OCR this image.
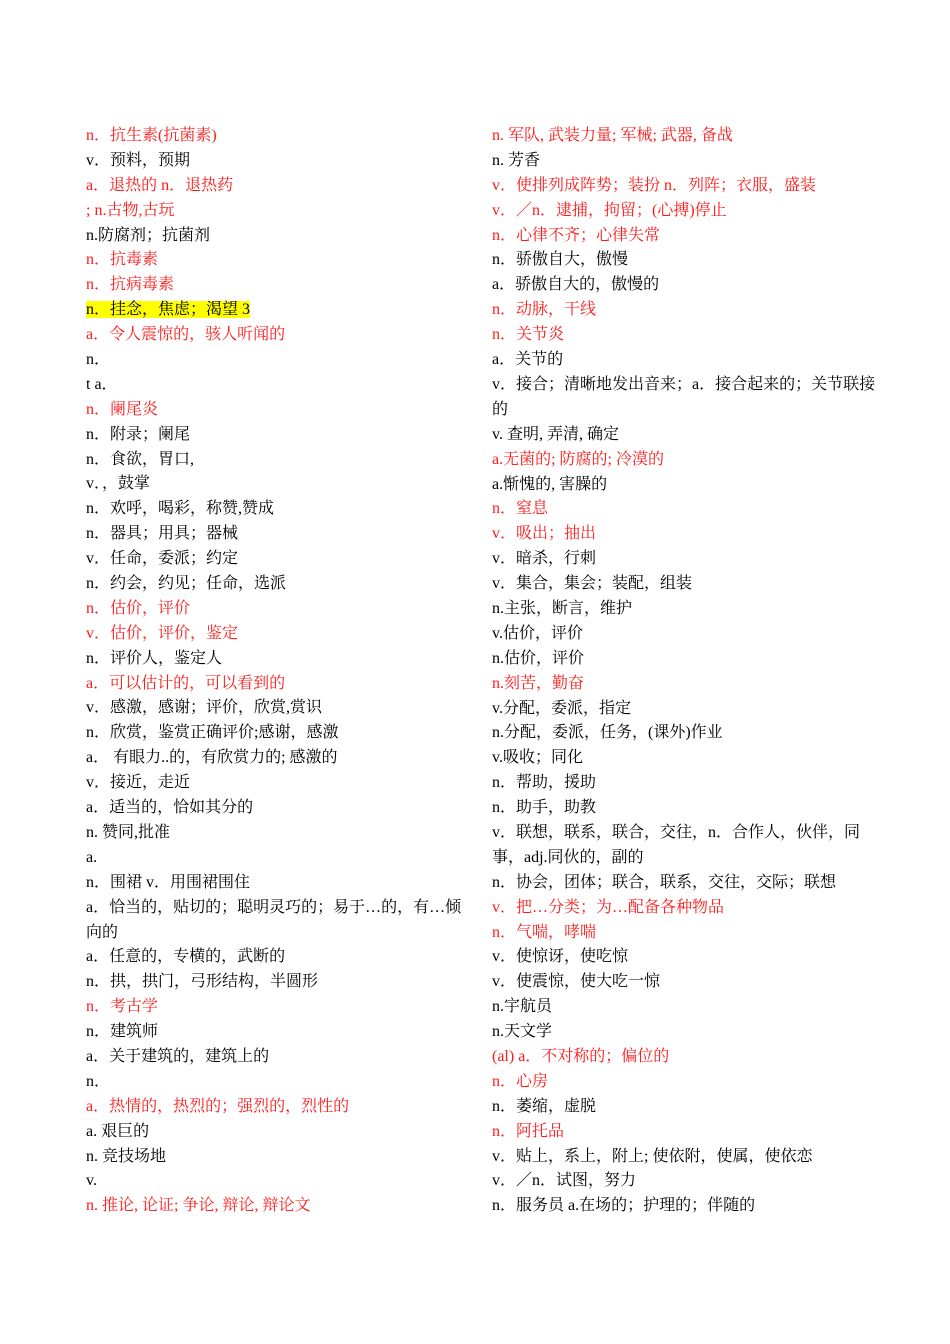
n．抗生素(抗菌素)
v．预料，预期
a．退热的 n．退热药
; n.古物,古玩
n.防腐剂；抗菌剂
n．抗毒素
n．抗病毒素
n．挂念，焦虑；渴望 3
a．令人震惊的，骇人听闻的
n．
t a．
n．阑尾炎
n．附录；阑尾
n．食欲，胃口,
v．，鼓掌
n．欢呼，喝彩，称赞,赞成
n．器具；用具；器械
v．任命，委派；约定
n．约会，约见；任命，选派
n．估价，评价
v．估价，评价，鉴定
n．评价人，鉴定人
a．可以估计的，可以看到的
v．感激，感谢；评价，欣赏,赏识
n．欣赏，鉴赏正确评价;感谢，感激
a． 有眼力..的，有欣赏力的; 感激的
v．接近，走近
a．适当的，恰如其分的
n. 赞同,批准
a.
n．围裙 v．用围裙围住
a．恰当的，贴切的；聪明灵巧的；易于…的，有…倾向的
a．任意的，专横的，武断的
n．拱，拱门，弓形结构，半圆形
n．考古学
n．建筑师
a．关于建筑的，建筑上的
n．
a．热情的，热烈的；强烈的，烈性的
a. 艰巨的
n. 竞技场地
v.
n. 推论, 论证; 争论, 辩论, 辩论文
n. 军队, 武装力量; 军械; 武器, 备战
n. 芳香
v．使排列成阵势；装扮 n．列阵；衣服，盛装
v．／n．逮捕，拘留；(心搏)停止
n．心律不齐；心律失常
n．骄傲自大，傲慢
a．骄傲自大的，傲慢的
n．动脉，干线
n．关节炎
a．关节的
v．接合；清晰地发出音来；a．接合起来的；关节联接的
v. 查明, 弄清, 确定
a.无菌的; 防腐的; 冷漠的
a.惭愧的, 害臊的
n．窒息
v．吸出；抽出
v．暗杀，行刺
v．集合，集会；装配，组装
n.主张，断言，维护
v.估价，评价
n.估价，评价
n.刻苦，勤奋
v.分配，委派，指定
n.分配，委派，任务，(课外)作业
v.吸收；同化
n．帮助，援助
n．助手，助教
v．联想，联系，联合，交往，n．合作人，伙伴，同事，adj.同伙的，副的
n．协会，团体；联合，联系，交往，交际；联想
v．把…分类；为…配备各种物品
n．气喘，哮喘
v．使惊讶，使吃惊
v．使震惊，使大吃一惊
n.宇航员
n.天文学
(al) a．不对称的；偏位的
n．心房
n．萎缩，虚脱
n．阿托品
v．贴上，系上，附上; 使依附，使属，使依恋
v．／n．试图，努力
n．服务员 a.在场的；护理的；伴随的
